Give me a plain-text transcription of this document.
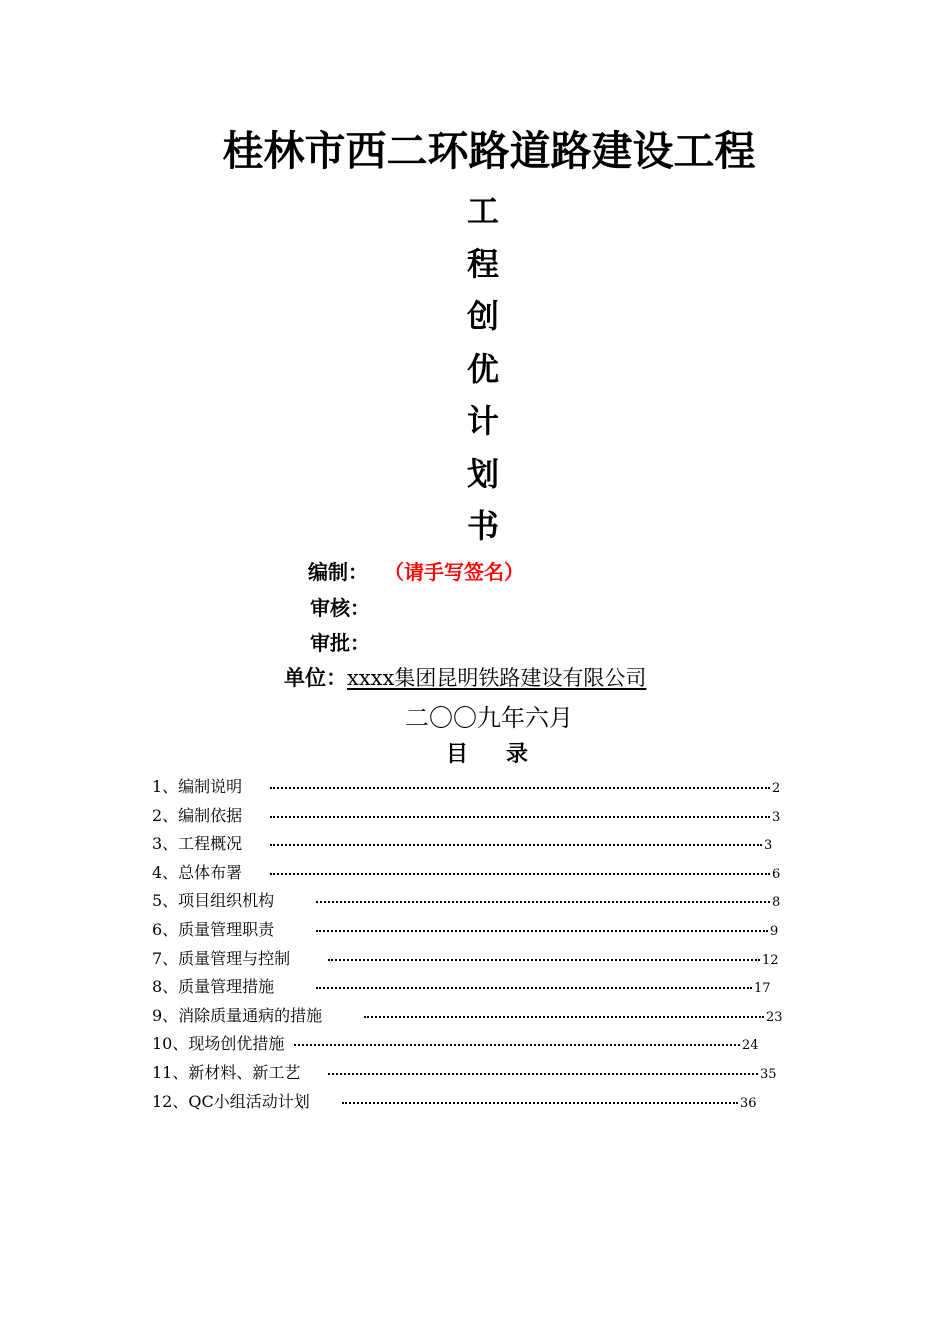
桂林市西二环路道路建设工程
工
程
创
优
计
划
书
编制： （请手写签名）
审核：
审批：
单位：xxxx集团昆明铁路建设有限公司
二〇〇九年六月
目 录
1、编制说明	2
2、编制依据	3
3、工程概况	3
4、总体布署	6
5、项目组织机构	8
6、质量管理职责	9
7、质量管理与控制	12
8、质量管理措施	17
9、消除质量通病的措施	23
10、现场创优措施	24
11、新材料、新工艺	35
12、QC小组活动计划	36
